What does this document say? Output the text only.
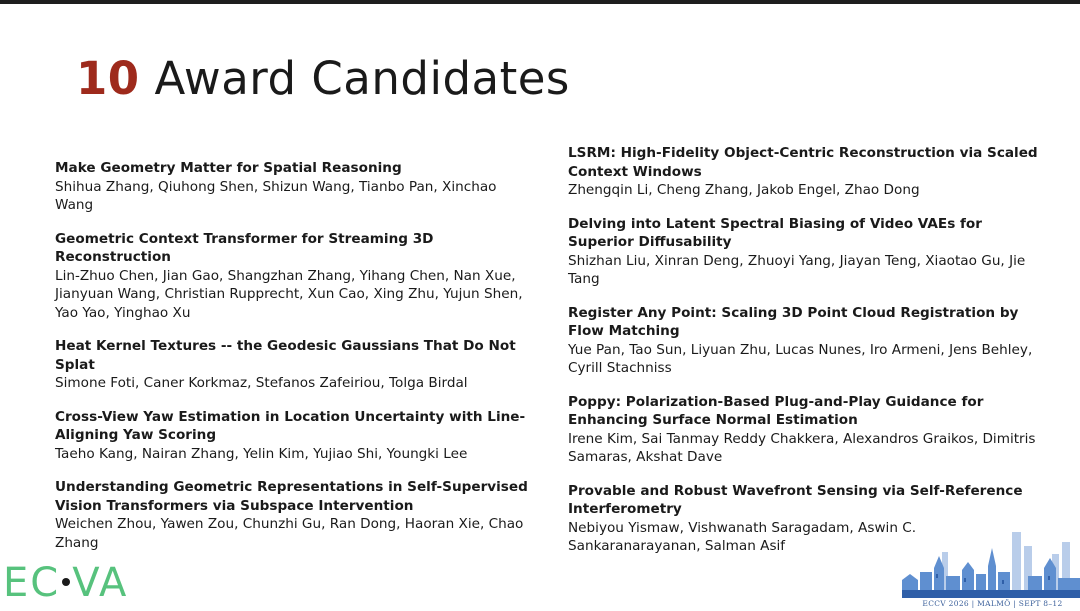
10 Award Candidates
Make Geometry Matter for Spatial Reasoning
Shihua Zhang, Qiuhong Shen, Shizun Wang, Tianbo Pan, Xinchao Wang
Geometric Context Transformer for Streaming 3D Reconstruction
Lin-Zhuo Chen, Jian Gao, Shangzhan Zhang, Yihang Chen, Nan Xue, Jianyuan Wang, Christian Rupprecht, Xun Cao, Xing Zhu, Yujun Shen, Yao Yao, Yinghao Xu
Heat Kernel Textures -- the Geodesic Gaussians That Do Not Splat
Simone Foti, Caner Korkmaz, Stefanos Zafeiriou, Tolga Birdal
Cross-View Yaw Estimation in Location Uncertainty with Line-Aligning Yaw Scoring
Taeho Kang, Nairan Zhang, Yelin Kim, Yujiao Shi, Youngki Lee
Understanding Geometric Representations in Self-Supervised Vision Transformers via Subspace Intervention
Weichen Zhou, Yawen Zou, Chunzhi Gu, Ran Dong, Haoran Xie, Chao Zhang
LSRM: High-Fidelity Object-Centric Reconstruction via Scaled Context Windows
Zhengqin Li, Cheng Zhang, Jakob Engel, Zhao Dong
Delving into Latent Spectral Biasing of Video VAEs for Superior Diffusability
Shizhan Liu, Xinran Deng, Zhuoyi Yang, Jiayan Teng, Xiaotao Gu, Jie Tang
Register Any Point: Scaling 3D Point Cloud Registration by Flow Matching
Yue Pan, Tao Sun, Liyuan Zhu, Lucas Nunes, Iro Armeni, Jens Behley, Cyrill Stachniss
Poppy: Polarization-Based Plug-and-Play Guidance for Enhancing Surface Normal Estimation
Irene Kim, Sai Tanmay Reddy Chakkera, Alexandros Graikos, Dimitris Samaras, Akshat Dave
Provable and Robust Wavefront Sensing via Self-Reference Interferometry
Nebiyou Yismaw, Vishwanath Saragadam, Aswin C. Sankaranarayanan, Salman Asif
EC VA	ECCV 2026 | MALMÖ | SEPT 8–12
